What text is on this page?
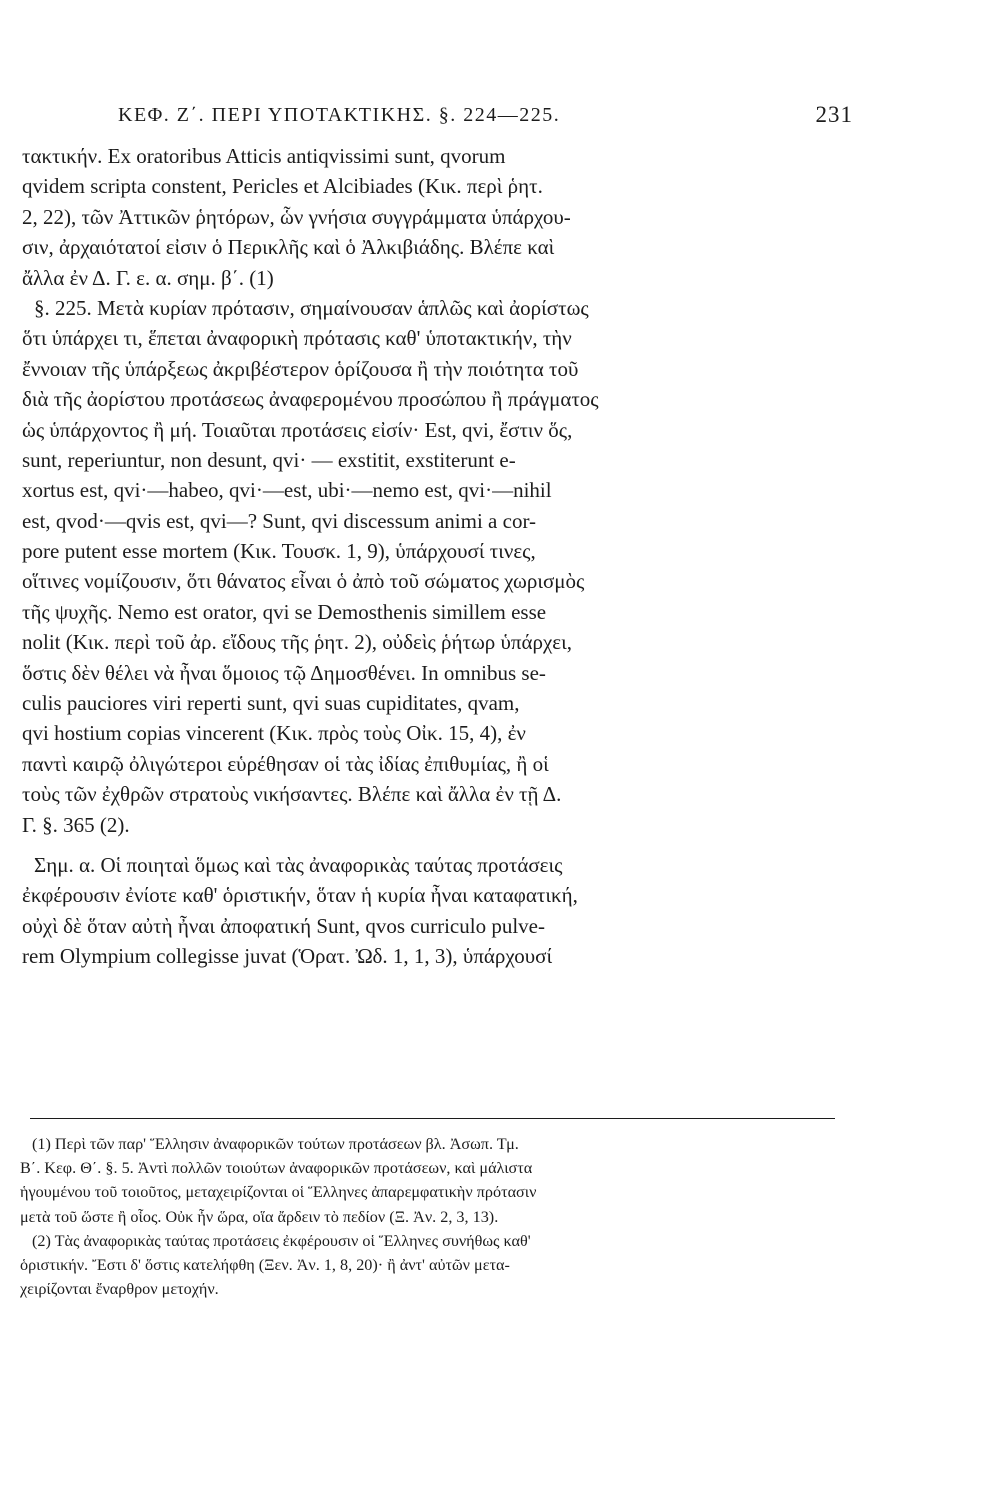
ΚΕΦ. Ζ΄. ΠΕΡΙ ΥΠΟΤΑΚΤΙΚΗΣ. §. 224—225.	231
τακτικήν. Ex oratoribus Atticis antiqvissimi sunt, qvorum
qvidem scripta constent, Pericles et Alcibiades (Κικ. περὶ ῥητ.
2, 22), τῶν Ἀττικῶν ῥητόρων, ὧν γνήσια συγγράμματα ὑπάρχου-
σιν, ἀρχαιότατοί εἰσιν ὁ Περικλῆς καὶ ὁ Ἀλκιβιάδης. Βλέπε καὶ
ἄλλα ἐν Δ. Γ. ε. α. σημ. β΄. (1)
§. 225. Μετὰ κυρίαν πρότασιν, σημαίνουσαν ἁπλῶς καὶ ἀορίστως
ὅτι ὑπάρχει τι, ἕπεται ἀναφορικὴ πρότασις καθ' ὑποτακτικήν, τὴν
ἔννοιαν τῆς ὑπάρξεως ἀκριβέστερον ὁρίζουσα ἢ τὴν ποιότητα τοῦ
διὰ τῆς ἀορίστου προτάσεως ἀναφερομένου προσώπου ἢ πράγματος
ὡς ὑπάρχοντος ἢ μή. Τοιαῦται προτάσεις εἰσίν· Est, qvi, ἔστιν ὅς,
sunt, reperiuntur, non desunt, qvi· — exstitit, exstiterunt e-
xortus est, qvi·—habeo, qvi·—est, ubi·—nemo est, qvi·—nihil
est, qvod·—qvis est, qvi—? Sunt, qvi discessum animi a cor-
pore putent esse mortem (Κικ. Τουσκ. 1, 9), ὑπάρχουσί τινες,
οἵτινες νομίζουσιν, ὅτι θάνατος εἶναι ὁ ἀπὸ τοῦ σώματος χωρισμὸς
τῆς ψυχῆς. Nemo est orator, qvi se Demosthenis simillem esse
nolit (Κικ. περὶ τοῦ ἀρ. εἴδους τῆς ῥητ. 2), οὐδεὶς ῥήτωρ ὑπάρχει,
ὅστις δὲν θέλει νὰ ἦναι ὅμοιος τῷ Δημοσθένει. In omnibus se-
culis pauciores viri reperti sunt, qvi suas cupiditates, qvam,
qvi hostium copias vincerent (Κικ. πρὸς τοὺς Οἰκ. 15, 4), ἐν
παντὶ καιρῷ ὀλιγώτεροι εὑρέθησαν οἱ τὰς ἰδίας ἐπιθυμίας, ἢ οἱ
τοὺς τῶν ἐχθρῶν στρατοὺς νικήσαντες. Βλέπε καὶ ἄλλα ἐν τῇ Δ.
Γ. §. 365 (2).
Σημ. α. Οἱ ποιηταὶ ὅμως καὶ τὰς ἀναφορικὰς ταύτας προτάσεις
ἐκφέρουσιν ἐνίοτε καθ' ὁριστικήν, ὅταν ἡ κυρία ἦναι καταφατική,
οὐχὶ δὲ ὅταν αὐτὴ ἦναι ἀποφατική Sunt, qvos curriculo pulve-
rem Olympium collegisse juvat (Ὁρατ. Ὠδ. 1, 1, 3), ὑπάρχουσί
(1) Περὶ τῶν παρ' Ἕλλησιν ἀναφορικῶν τούτων προτάσεων βλ. Ἀσωπ. Τμ.
Β΄. Κεφ. Θ΄. §. 5. Ἀντὶ πολλῶν τοιούτων ἀναφορικῶν προτάσεων, καὶ μάλιστα
ἡγουμένου τοῦ τοιοῦτος, μεταχειρίζονται οἱ Ἕλληνες ἀπαρεμφατικὴν πρότασιν
μετὰ τοῦ ὥστε ἢ οἷος. Οὐκ ἦν ὥρα, οἵα ἄρδειν τὸ πεδίον (Ξ. Ἀν. 2, 3, 13).
(2) Τὰς ἀναφορικὰς ταύτας προτάσεις ἐκφέρουσιν οἱ Ἕλληνες συνήθως καθ'
ὁριστικήν. Ἔστι δ' ὅστις κατελήφθη (Ξεν. Ἀν. 1, 8, 20)· ἢ ἀντ' αὐτῶν μετα-
χειρίζονται ἔναρθρον μετοχήν.
